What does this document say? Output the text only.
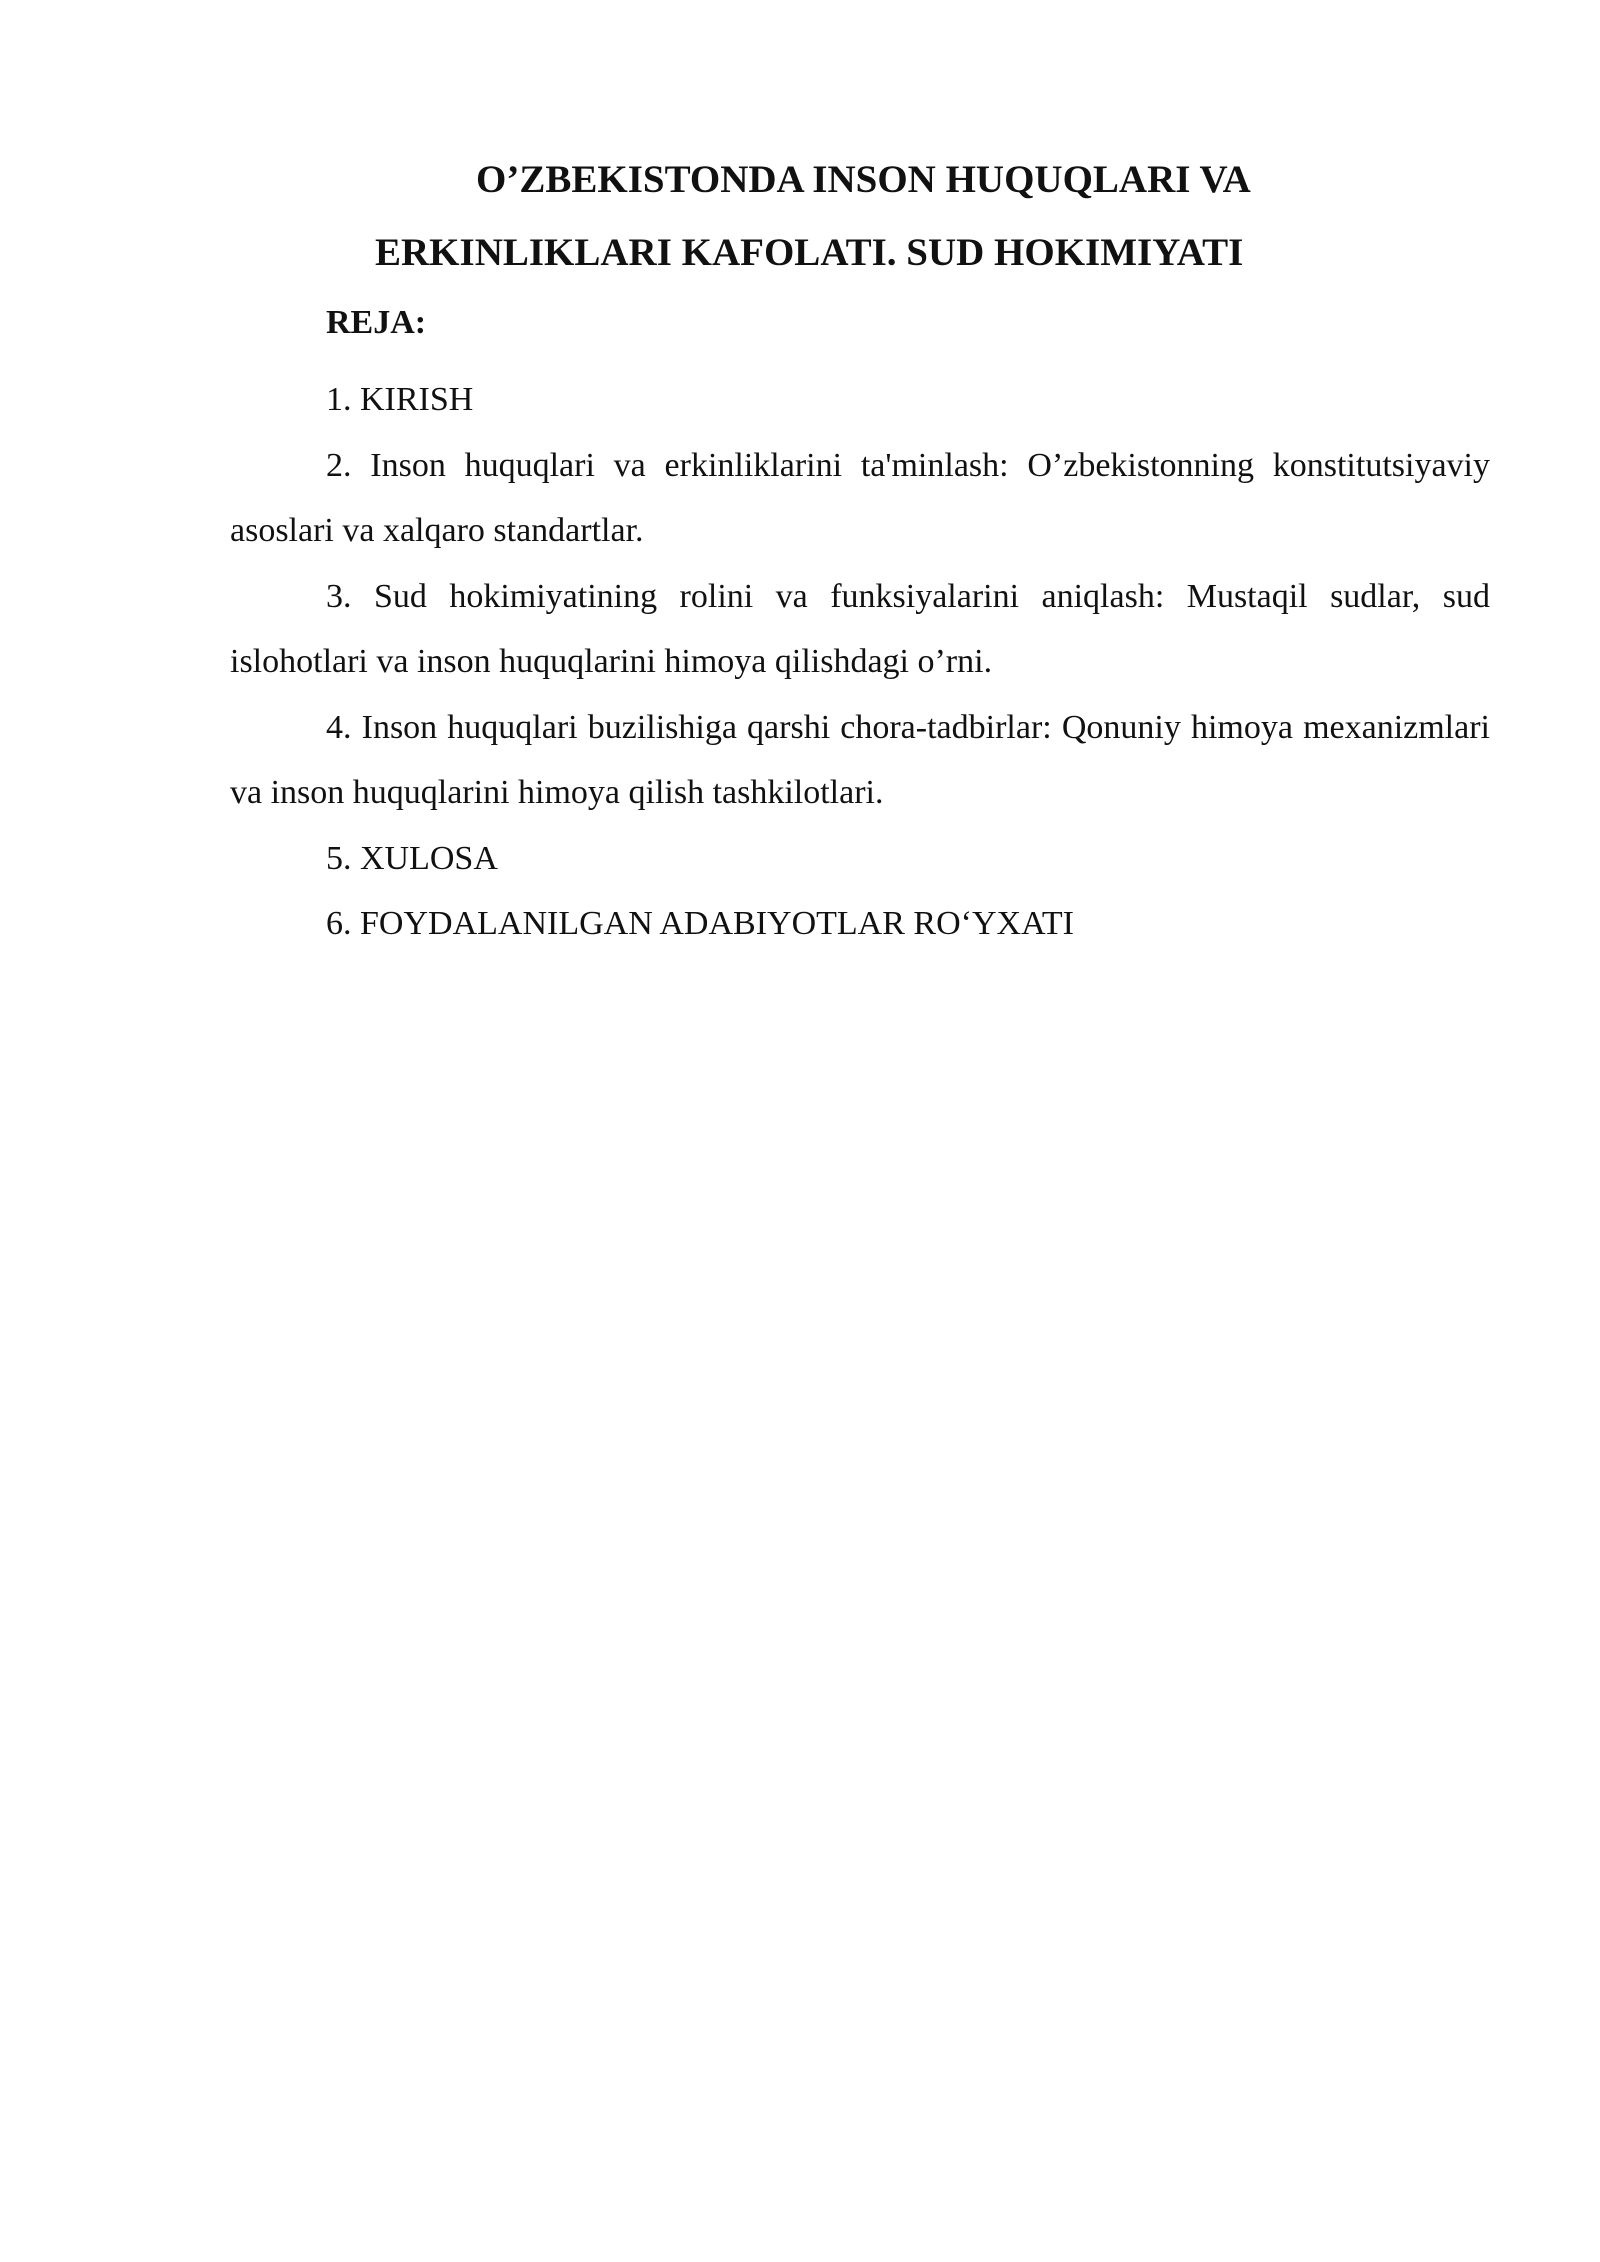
O’ZBEKISTONDA INSON HUQUQLARI VA
ERKINLIKLARI KAFOLATI. SUD HOKIMIYATI
REJA:

1. KIRISH

2. Inson huquqlari va erkinliklarini ta'minlash: O’zbekistonning konstitutsiyaviy asoslari va xalqaro standartlar.

3. Sud hokimiyatining rolini va funksiyalarini aniqlash: Mustaqil sudlar, sud islohotlari va inson huquqlarini himoya qilishdagi o’rni.

4. Inson huquqlari buzilishiga qarshi chora-tadbirlar: Qonuniy himoya mexanizmlari va inson huquqlarini himoya qilish tashkilotlari.

5. XULOSA

6. FOYDALANILGAN ADABIYOTLAR RO‘YXATI
